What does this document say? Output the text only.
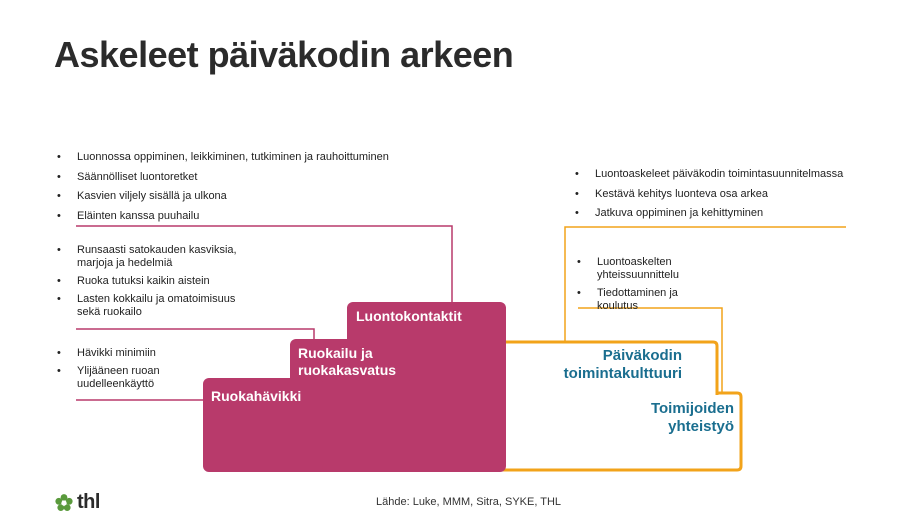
Askeleet päiväkodin arkeen
Luontokontaktit
Ruokailu ja
ruokakasvatus
Ruokahävikki
Päiväkodin
toimintakulttuuri
Toimijoiden
yhteistyö
• Luonnossa oppiminen, leikkiminen, tutkiminen ja rauhoittuminen
• Säännölliset luontoretket
• Kasvien viljely sisällä ja ulkona
• Eläinten kanssa puuhailu
• Runsaasti satokauden kasviksia, marjoja ja hedelmiä
• Ruoka tutuksi kaikin aistein
• Lasten kokkailu ja omatoimisuus sekä ruokailo
• Hävikki minimiin
• Ylijääneen ruoan uudelleenkäyttö
• Luontoaskeleet päiväkodin toimintasuunnitelmassa
• Kestävä kehitys luonteva osa arkea
• Jatkuva oppiminen ja kehittyminen
• Luontoaskelten yhteissuunnittelu
• Tiedottaminen ja koulutus
thl	Lähde: Luke, MMM, Sitra, SYKE, THL
